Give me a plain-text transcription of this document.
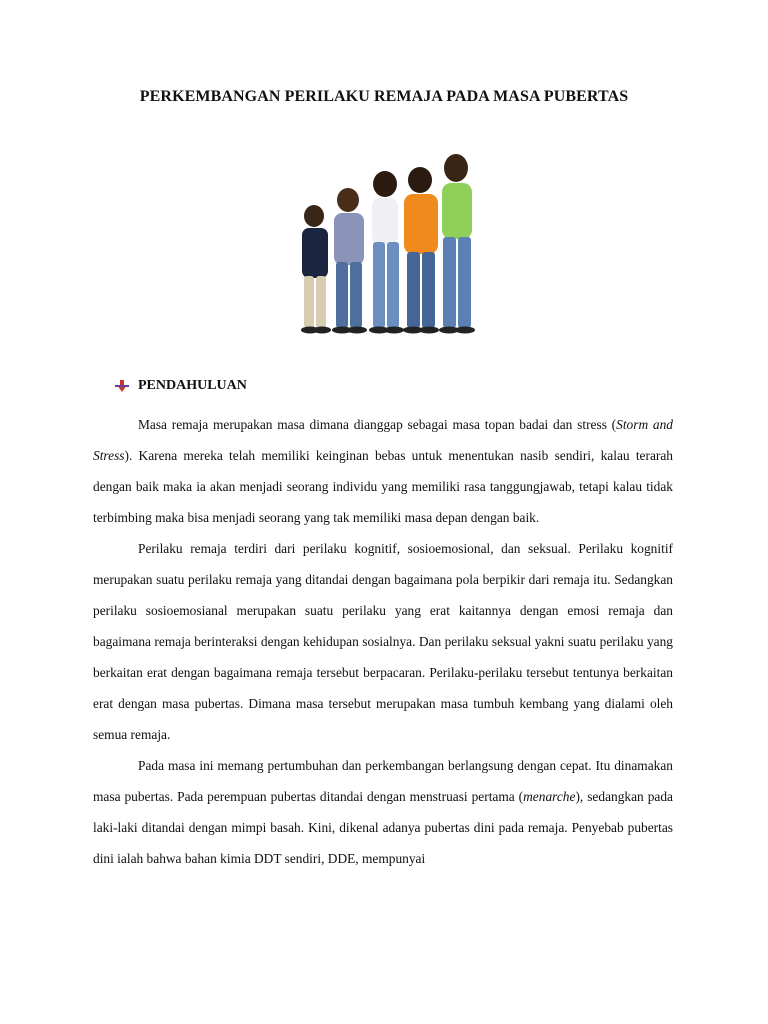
PERKEMBANGAN PERILAKU REMAJA PADA MASA PUBERTAS
PENDAHULUAN

Masa remaja merupakan masa dimana dianggap sebagai masa topan badai dan stress (Storm and Stress). Karena mereka telah memiliki keinginan bebas untuk menentukan nasib sendiri, kalau terarah dengan baik maka ia akan menjadi seorang individu yang memiliki rasa tanggungjawab, tetapi kalau tidak terbimbing maka bisa menjadi seorang yang tak memiliki masa depan dengan baik.

Perilaku remaja terdiri dari perilaku kognitif, sosioemosional, dan seksual. Perilaku kognitif merupakan suatu perilaku remaja yang ditandai dengan bagaimana pola berpikir dari remaja itu. Sedangkan perilaku sosioemosianal merupakan suatu perilaku yang erat kaitannya dengan emosi remaja dan bagaimana remaja berinteraksi dengan kehidupan sosialnya. Dan perilaku seksual yakni suatu perilaku yang berkaitan erat dengan bagaimana remaja tersebut berpacaran. Perilaku-perilaku tersebut tentunya berkaitan erat dengan masa pubertas. Dimana masa tersebut merupakan masa tumbuh kembang yang dialami oleh semua remaja.

Pada masa ini memang pertumbuhan dan perkembangan berlangsung dengan cepat. Itu dinamakan masa pubertas. Pada perempuan pubertas ditandai dengan menstruasi pertama (menarche), sedangkan pada laki-laki ditandai dengan mimpi basah. Kini, dikenal adanya pubertas dini pada remaja. Penyebab pubertas dini ialah bahwa bahan kimia DDT sendiri, DDE, mempunyai
